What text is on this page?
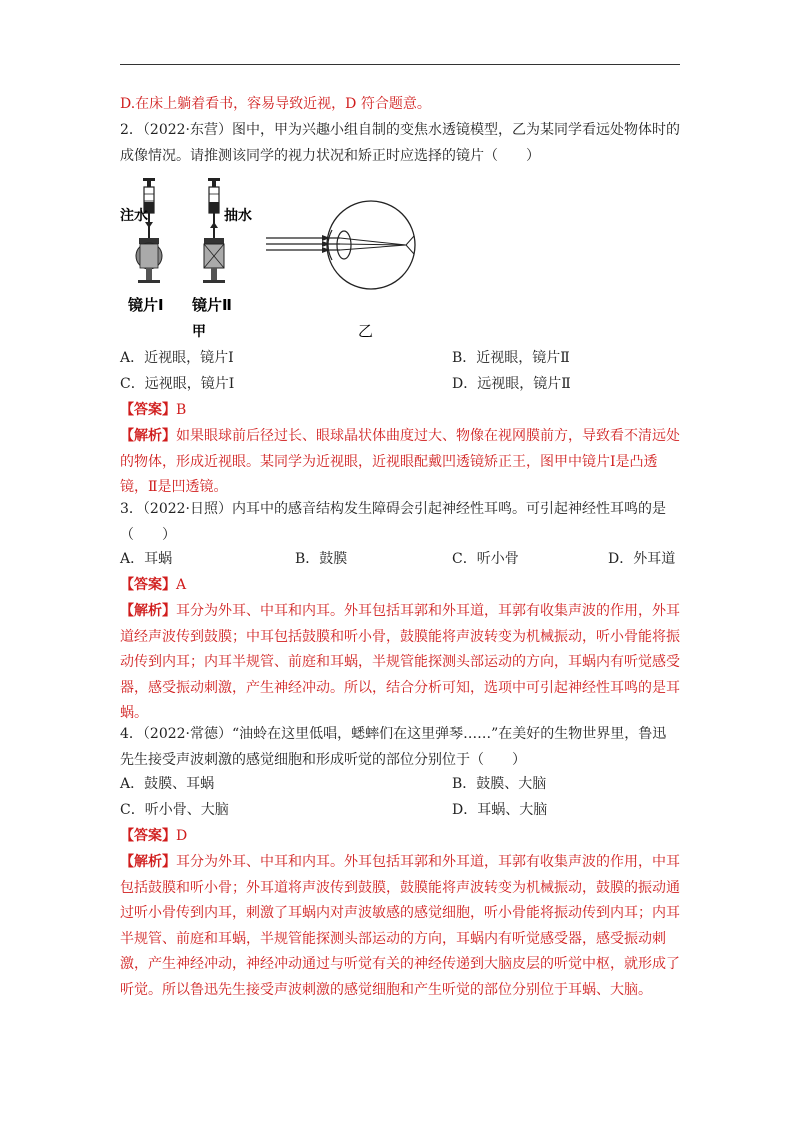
D.在床上躺着看书，容易导致近视，D 符合题意。
2．（2022·东营）图中，甲为兴趣小组自制的变焦水透镜模型，乙为某同学看远处物体时的成像情况。请推测该同学的视力状况和矫正时应选择的镜片（　　）
注水	抽水
镜片Ⅰ 镜片Ⅱ
甲	乙
A．近视眼，镜片Ⅰ	B．近视眼，镜片Ⅱ
C．远视眼，镜片Ⅰ	D．远视眼，镜片Ⅱ
【答案】B
【解析】如果眼球前后径过长、眼球晶状体曲度过大、物像在视网膜前方，导致看不清远处的物体，形成近视眼。某同学为近视眼，近视眼配戴凹透镜矫正王，图甲中镜片Ⅰ是凸透镜，Ⅱ是凹透镜。
3．（2022·日照）内耳中的感音结构发生障碍会引起神经性耳鸣。可引起神经性耳鸣的是（　　）
A．耳蜗	B．鼓膜	C．听小骨	D．外耳道
【答案】A
【解析】耳分为外耳、中耳和内耳。外耳包括耳郭和外耳道，耳郭有收集声波的作用，外耳道经声波传到鼓膜；中耳包括鼓膜和听小骨，鼓膜能将声波转变为机械振动，听小骨能将振动传到内耳；内耳半规管、前庭和耳蜗，半规管能探测头部运动的方向，耳蜗内有听觉感受器，感受振动刺激，产生神经冲动。所以，结合分析可知，选项中可引起神经性耳鸣的是耳蜗。
4．（2022·常德）“油蛉在这里低唱，蟋蟀们在这里弹琴……”在美好的生物世界里，鲁迅先生接受声波刺激的感觉细胞和形成听觉的部位分别位于（　　）
A．鼓膜、耳蜗	B．鼓膜、大脑
C．听小骨、大脑	D．耳蜗、大脑
【答案】D
【解析】耳分为外耳、中耳和内耳。外耳包括耳郭和外耳道，耳郭有收集声波的作用，中耳包括鼓膜和听小骨；外耳道将声波传到鼓膜，鼓膜能将声波转变为机械振动，鼓膜的振动通过听小骨传到内耳，刺激了耳蜗内对声波敏感的感觉细胞，听小骨能将振动传到内耳；内耳半规管、前庭和耳蜗，半规管能探测头部运动的方向，耳蜗内有听觉感受器，感受振动刺激，产生神经冲动，神经冲动通过与听觉有关的神经传递到大脑皮层的听觉中枢，就形成了听觉。所以鲁迅先生接受声波刺激的感觉细胞和产生听觉的部位分别位于耳蜗、大脑。
